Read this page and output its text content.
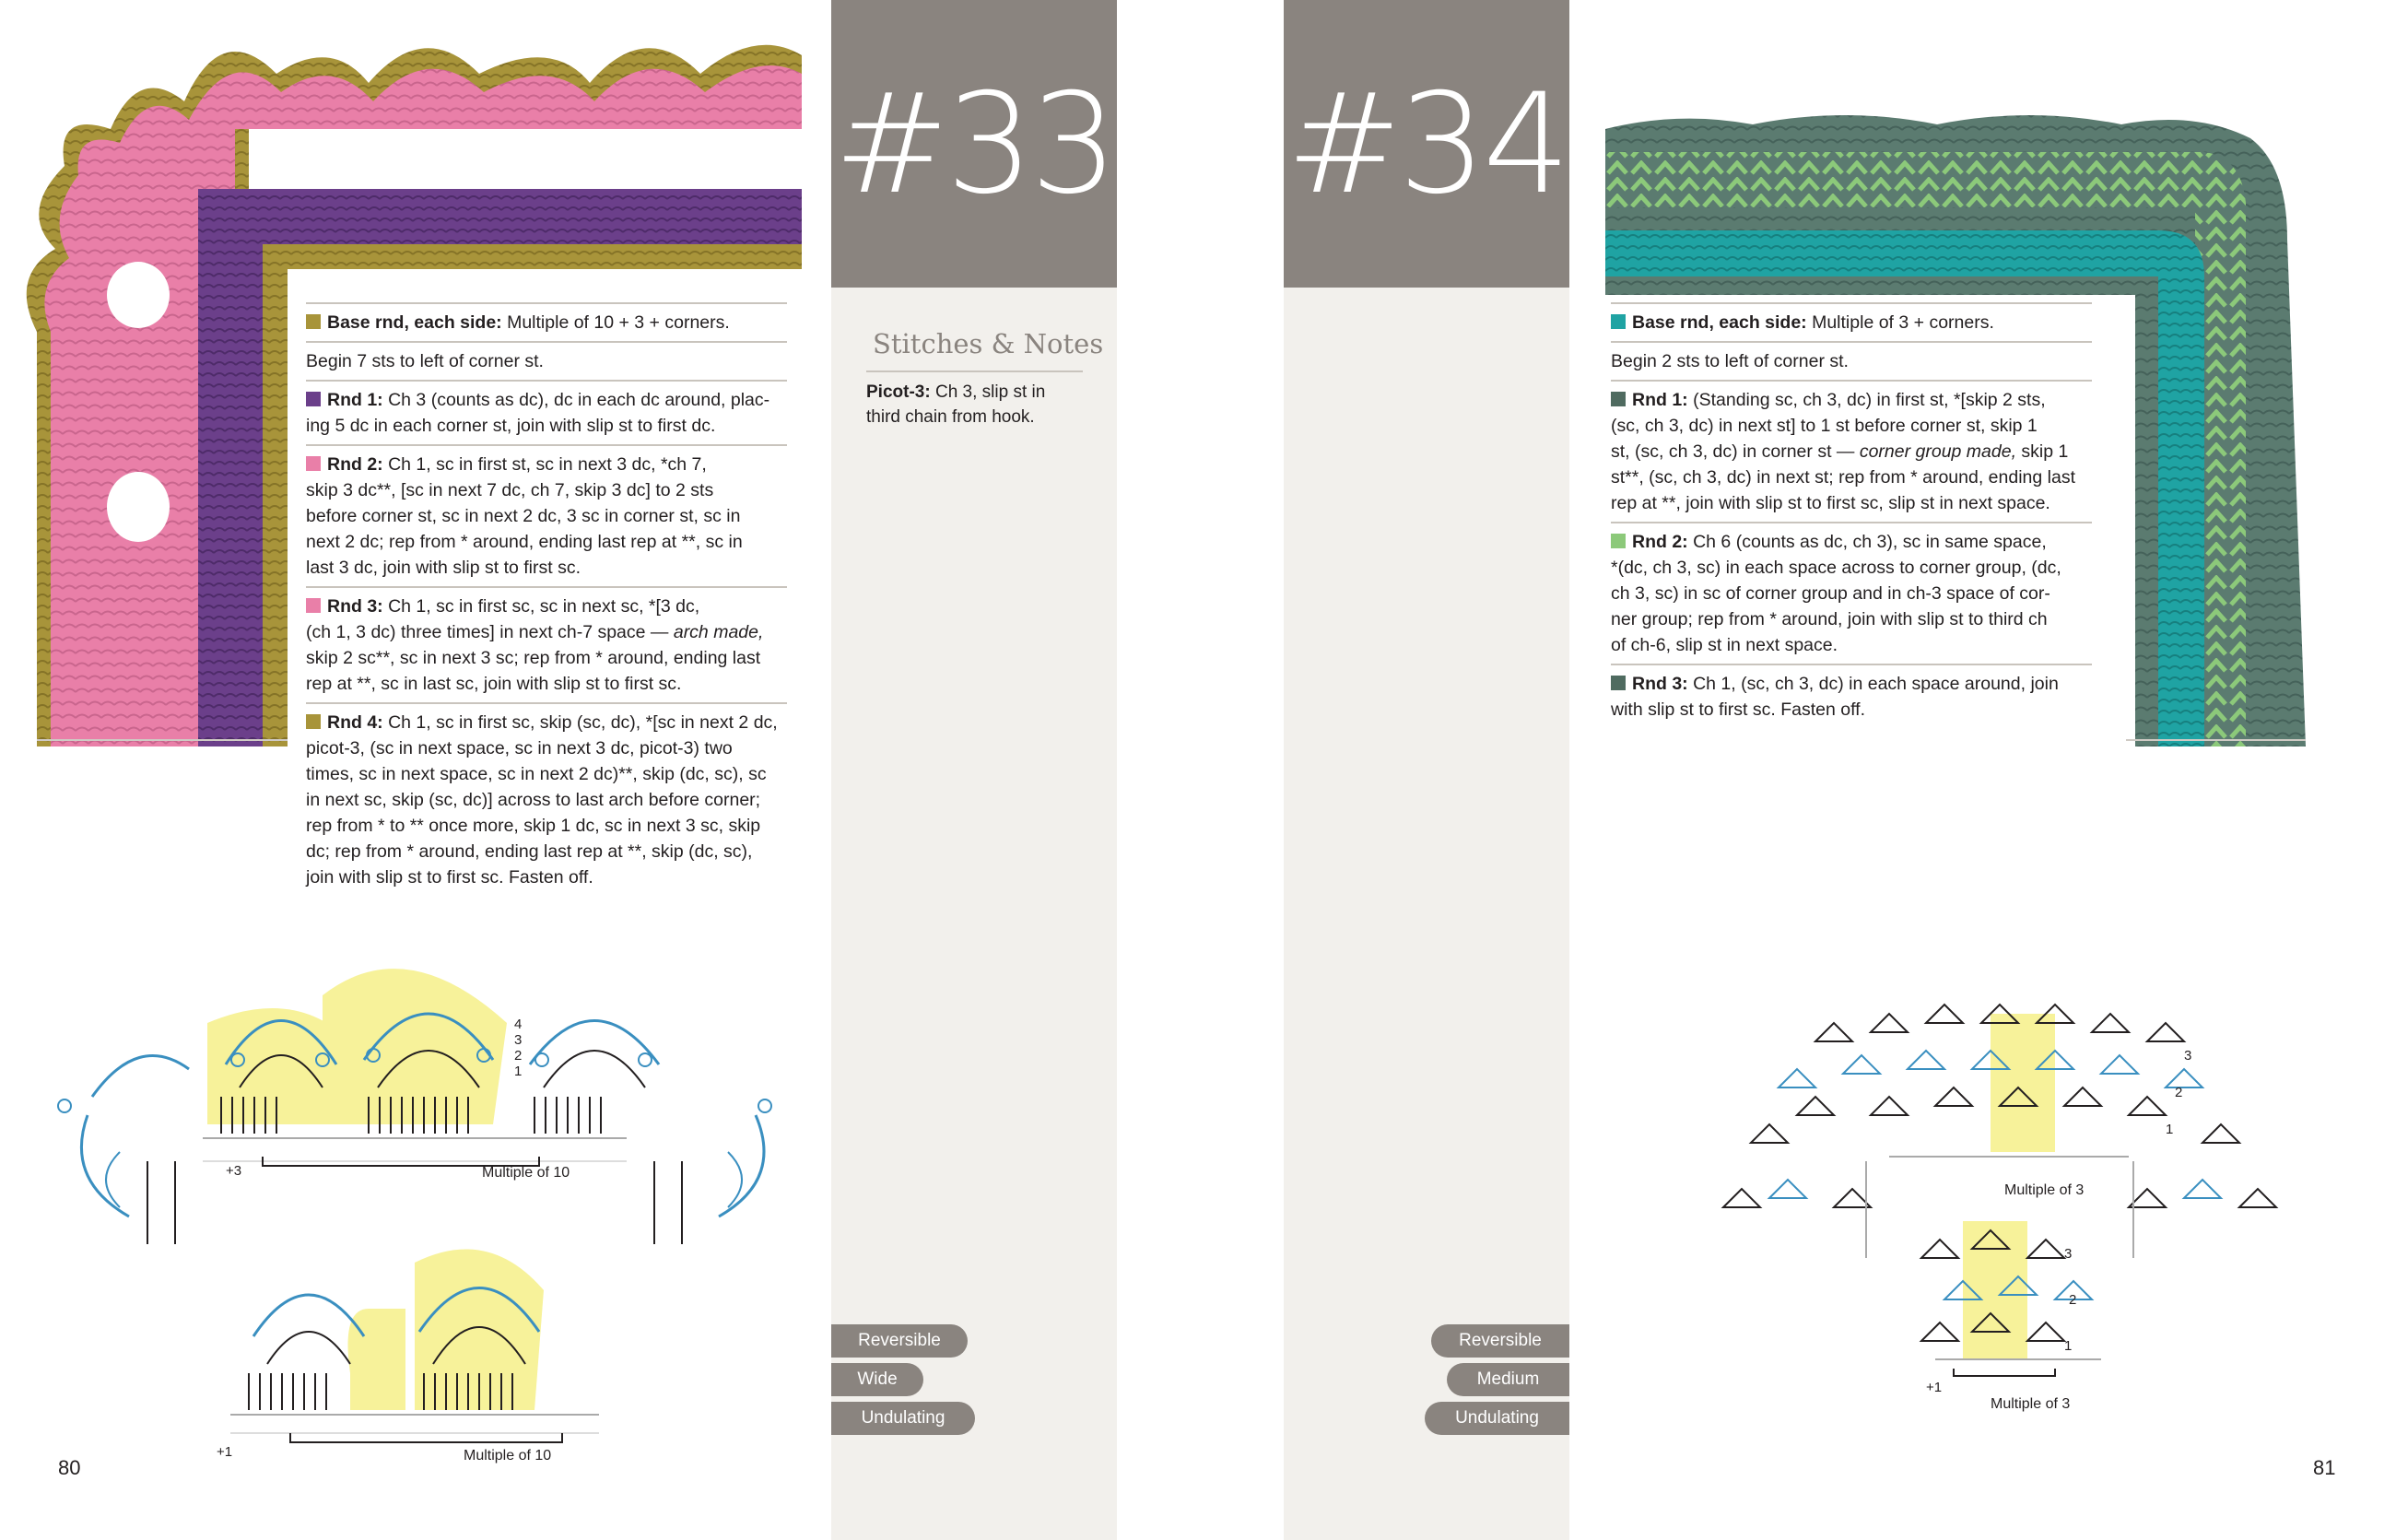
Base rnd, each side: Multiple of 10 + 3 + corners.
Begin 7 sts to left of corner st.
Rnd 1: Ch 3 (counts as dc), dc in each dc around, plac-
ing 5 dc in each corner st, join with slip st to first dc.
Rnd 2: Ch 1, sc in first st, sc in next 3 dc, *ch 7,
skip 3 dc**, [sc in next 7 dc, ch 7, skip 3 dc] to 2 sts
before corner st, sc in next 2 dc, 3 sc in corner st, sc in
next 2 dc; rep from * around, ending last rep at **, sc in
last 3 dc, join with slip st to first sc.
Rnd 3: Ch 1, sc in first sc, sc in next sc, *[3 dc,
(ch 1, 3 dc) three times] in next ch-7 space — arch made,
skip 2 sc**, sc in next 3 sc; rep from * around, ending last
rep at **, sc in last sc, join with slip st to first sc.
Rnd 4: Ch 1, sc in first sc, skip (sc, dc), *[sc in next 2 dc,
picot-3, (sc in next space, sc in next 3 dc, picot-3) two
times, sc in next space, sc in next 2 dc)**, skip (dc, sc), sc
in next sc, skip (sc, dc)] across to last arch before corner;
rep from * to ** once more, skip 1 dc, sc in next 3 sc, skip
dc; rep from * around, ending last rep at **, skip (dc, sc),
join with slip st to first sc. Fasten off.
#33
Stitches & Notes
Picot-3: Ch 3, slip st in
third chain from hook.
Reversible
Wide
Undulating
+3	Multiple of 10
4
3
2
1
+1	Multiple of 10
80
#34
Reversible
Medium
Undulating
Base rnd, each side: Multiple of 3 + corners.
Begin 2 sts to left of corner st.
Rnd 1: (Standing sc, ch 3, dc) in first st, *[skip 2 sts,
(sc, ch 3, dc) in next st] to 1 st before corner st, skip 1
st, (sc, ch 3, dc) in corner st — corner group made, skip 1
st**, (sc, ch 3, dc) in next st; rep from * around, ending last
rep at **, join with slip st to first sc, slip st in next space.
Rnd 2: Ch 6 (counts as dc, ch 3), sc in same space,
*(dc, ch 3, sc) in each space across to corner group, (dc,
ch 3, sc) in sc of corner group and in ch-3 space of cor-
ner group; rep from * around, join with slip st to third ch
of ch-6, slip st in next space.
Rnd 3: Ch 1, (sc, ch 3, dc) in each space around, join
with slip st to first sc. Fasten off.
3
2
1
Multiple of 3
+1
3
2
1
Multiple of 3
81
